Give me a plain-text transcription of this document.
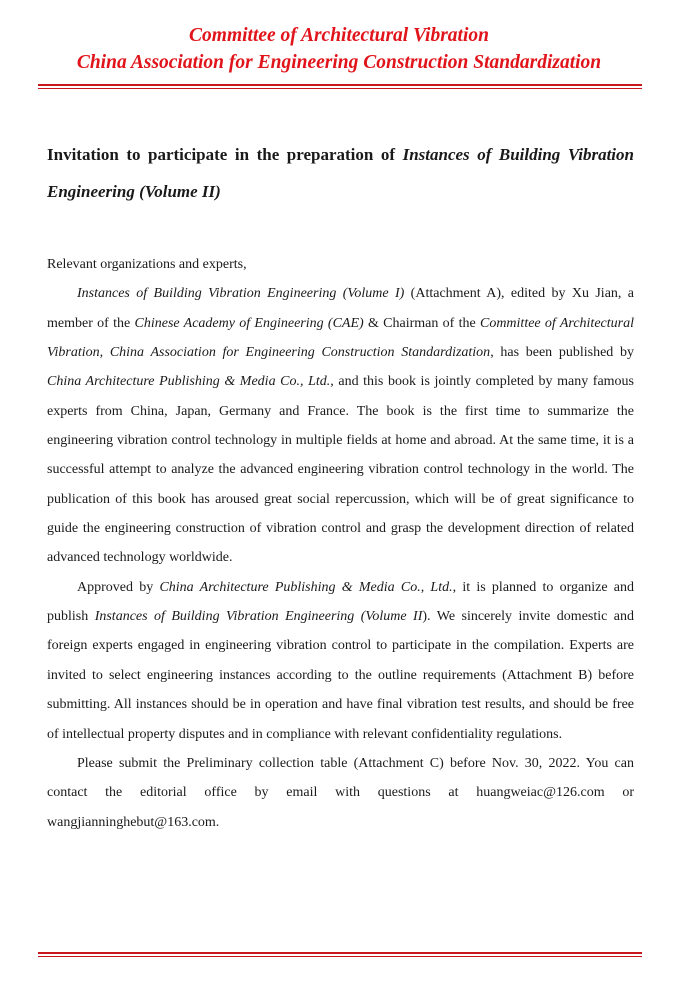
Committee of Architectural Vibration
China Association for Engineering Construction Standardization
Invitation to participate in the preparation of Instances of Building Vibration Engineering (Volume II)

Relevant organizations and experts,

Instances of Building Vibration Engineering (Volume I) (Attachment A), edited by Xu Jian, a member of the Chinese Academy of Engineering (CAE) & Chairman of the Committee of Architectural Vibration, China Association for Engineering Construction Standardization, has been published by China Architecture Publishing & Media Co., Ltd., and this book is jointly completed by many famous experts from China, Japan, Germany and France. The book is the first time to summarize the engineering vibration control technology in multiple fields at home and abroad. At the same time, it is a successful attempt to analyze the advanced engineering vibration control technology in the world. The publication of this book has aroused great social repercussion, which will be of great significance to guide the engineering construction of vibration control and grasp the development direction of related advanced technology worldwide.

Approved by China Architecture Publishing & Media Co., Ltd., it is planned to organize and publish Instances of Building Vibration Engineering (Volume II). We sincerely invite domestic and foreign experts engaged in engineering vibration control to participate in the compilation. Experts are invited to select engineering instances according to the outline requirements (Attachment B) before submitting. All instances should be in operation and have final vibration test results, and should be free of intellectual property disputes and in compliance with relevant confidentiality regulations.

Please submit the Preliminary collection table (Attachment C) before Nov. 30, 2022. You can contact the editorial office by email with questions at huangweiac@126.com or wangjianninghebut@163.com.
